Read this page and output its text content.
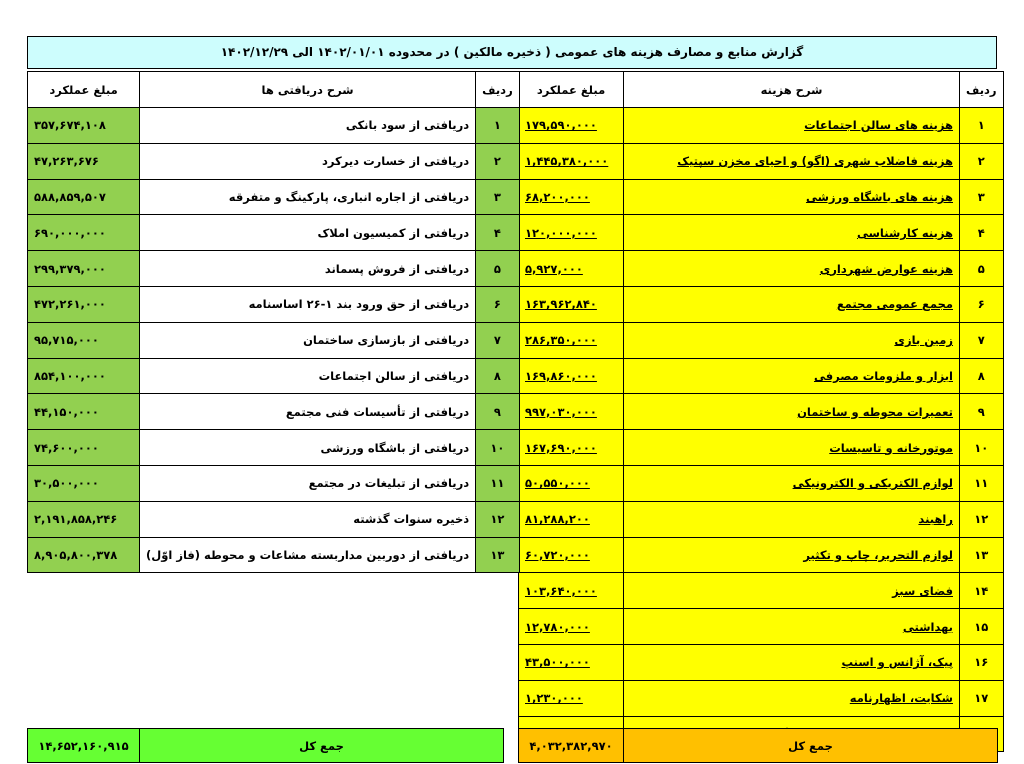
گزارش منابع و مصارف هزینه های عمومی ( ذخیره مالکین ) در محدوده ۱۴۰۲/۰۱/۰۱ الی ۱۴۰۲/۱۲/۲۹
ردیف	شرح هزینه	مبلغ عملکرد
۱	هزینه های سالن اجتماعات	۱۷۹,۵۹۰,۰۰۰
۲	هزینه فاضلاب شهری (اگو) و احیای مخزن سپتیک	۱,۴۴۵,۳۸۰,۰۰۰
۳	هزینه های باشگاه ورزشی	۶۸,۲۰۰,۰۰۰
۴	هزینه کارشناسی	۱۲۰,۰۰۰,۰۰۰
۵	هزینه عوارض شهرداری	۵,۹۲۷,۰۰۰
۶	مجمع عمومی مجتمع	۱۶۳,۹۶۲,۸۴۰
۷	زمین بازی	۲۸۶,۳۵۰,۰۰۰
۸	ابزار و ملزومات مصرفی	۱۶۹,۸۶۰,۰۰۰
۹	تعمیرات محوطه و ساختمان	۹۹۷,۰۳۰,۰۰۰
۱۰	موتورخانه و تاسیسات	۱۶۷,۶۹۰,۰۰۰
۱۱	لوازم الکتریکی و الکترونیکی	۵۰,۵۵۰,۰۰۰
۱۲	راهبند	۸۱,۲۸۸,۲۰۰
۱۳	لوازم التحریر، چاپ و تکثیر	۶۰,۷۲۰,۰۰۰
۱۴	فضای سبز	۱۰۳,۶۴۰,۰۰۰
۱۵	بهداشتی	۱۲,۷۸۰,۰۰۰
۱۶	پیک، آژانس و اسنپ	۴۳,۵۰۰,۰۰۰
۱۷	شکایت، اظهارنامه	۱,۲۳۰,۰۰۰

جمع کل	۴,۰۳۲,۳۸۲,۹۷۰
ردیف	شرح دریافتی ها	مبلغ عملکرد
۱	دریافتی از سود بانکی	۳۵۷,۶۷۴,۱۰۸
۲	دریافتی از خسارت دیرکرد	۴۷,۲۶۳,۶۷۶
۳	دریافتی از اجاره انباری، پارکینگ و متفرقه	۵۸۸,۸۵۹,۵۰۷
۴	دریافتی از کمیسیون املاک	۶۹۰,۰۰۰,۰۰۰
۵	دریافتی از فروش پسماند	۲۹۹,۳۷۹,۰۰۰
۶	دریافتی از حق ورود بند ۱-۲۶ اساسنامه	۴۷۲,۲۶۱,۰۰۰
۷	دریافتی از بازسازی ساختمان	۹۵,۷۱۵,۰۰۰
۸	دریافتی از سالن اجتماعات	۸۵۴,۱۰۰,۰۰۰
۹	دریافتی از تأسیسات فنی مجتمع	۴۴,۱۵۰,۰۰۰
۱۰	دریافتی از باشگاه ورزشی	۷۴,۶۰۰,۰۰۰
۱۱	دریافتی از تبلیغات در مجتمع	۳۰,۵۰۰,۰۰۰
۱۲	ذخیره سنوات گذشته	۲,۱۹۱,۸۵۸,۲۴۶
۱۳	دریافتی از دوربین مداربسته مشاعات و محوطه (فاز اوّل)	۸,۹۰۵,۸۰۰,۳۷۸
جمع کل	۱۴,۶۵۲,۱۶۰,۹۱۵
